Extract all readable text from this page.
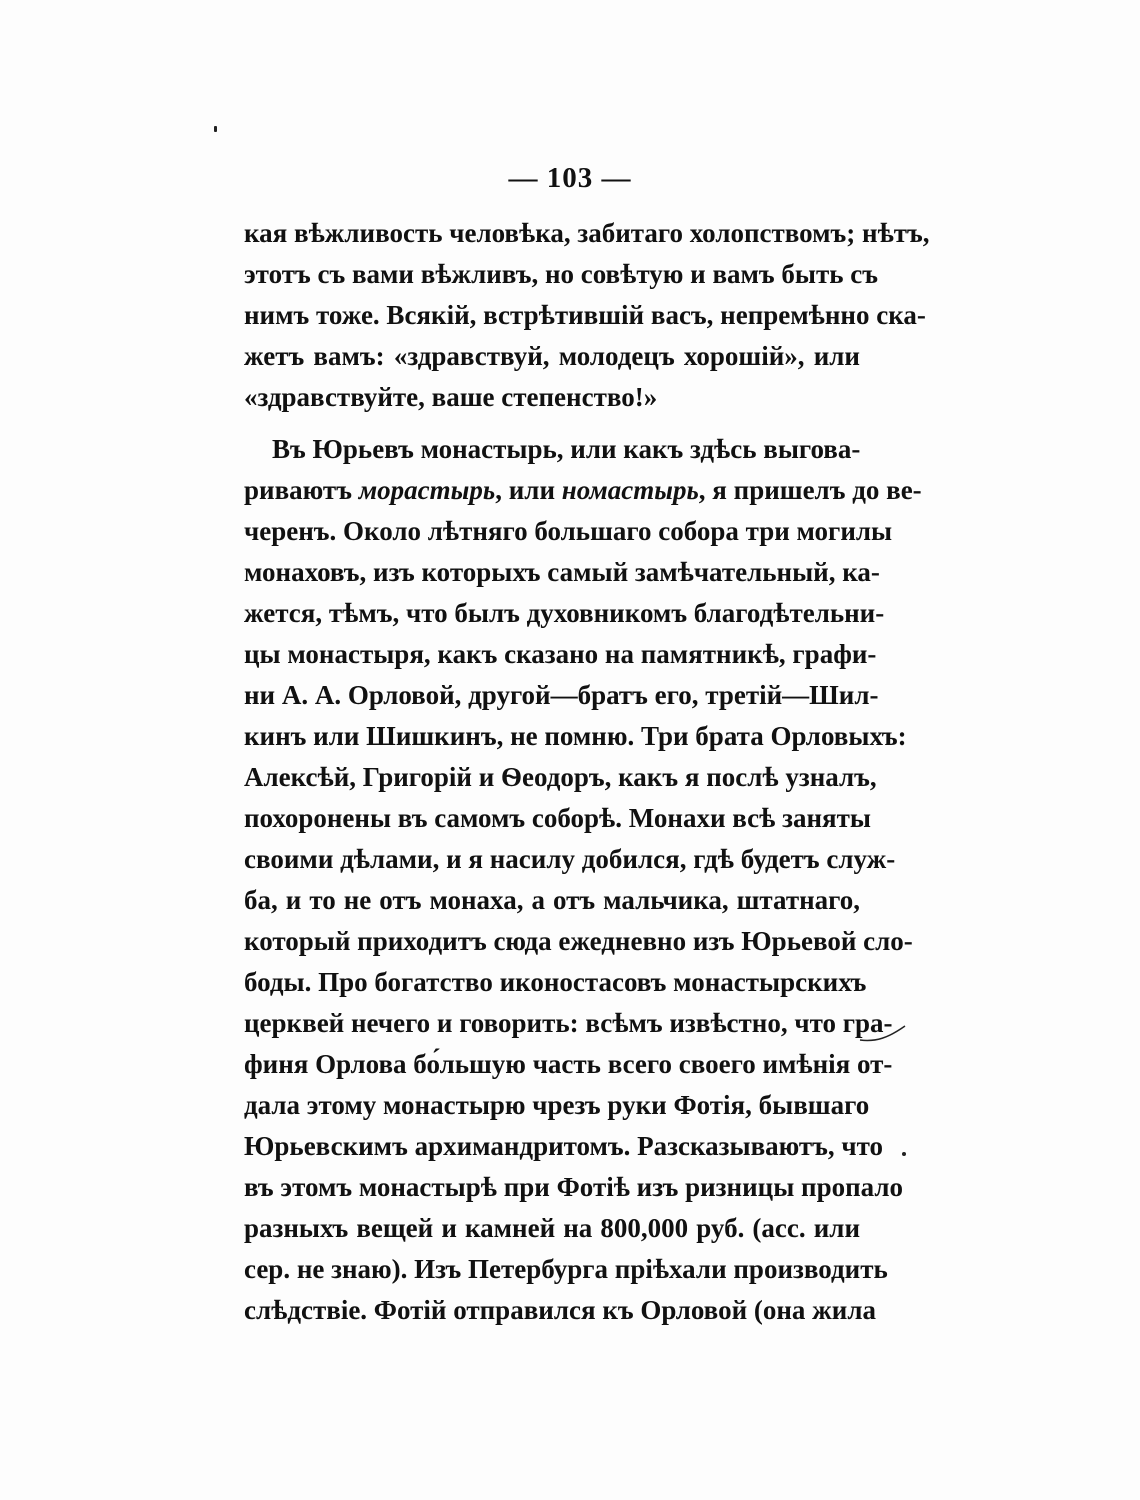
— 103 —
кая вѣжливость человѣка, забитаго холопствомъ; нѣтъ,
этотъ съ вами вѣжливъ, но совѣтую и вамъ быть съ
нимъ тоже. Всякій, встрѣтившій васъ, непремѣнно ска-
жетъ вамъ: «здравствуй, молодецъ хорошій», или
«здравствуйте, ваше степенство!»
Въ Юрьевъ монастырь, или какъ здѣсь выгова-
риваютъ морастырь, или номастырь, я пришелъ до ве-
черенъ. Около лѣтняго большаго собора три могилы
монаховъ, изъ которыхъ самый замѣчательный, ка-
жется, тѣмъ, что былъ духовникомъ благодѣтельни-
цы монастыря, какъ сказано на памятникѣ, графи-
ни А. А. Орловой, другой—братъ его, третій—Шил-
кинъ или Шишкинъ, не помню. Три брата Орловыхъ:
Алексѣй, Григорій и Ѳеодоръ, какъ я послѣ узналъ,
похоронены въ самомъ соборѣ. Монахи всѣ заняты
своими дѣлами, и я насилу добился, гдѣ будетъ служ-
ба, и то не отъ монаха, а отъ мальчика, штатнаго,
который приходитъ сюда ежедневно изъ Юрьевой сло-
боды. Про богатство иконостасовъ монастырскихъ
церквей нечего и говорить: всѣмъ извѣстно, что гра-
финя Орлова бо́льшую часть всего своего имѣнія от-
дала этому монастырю чрезъ руки Фотія, бывшаго
Юрьевскимъ архимандритомъ. Разсказываютъ, что
въ этомъ монастырѣ при Фотіѣ изъ ризницы пропало
разныхъ вещей и камней на 800,000 руб. (асс. или
сер. не знаю). Изъ Петербурга пріѣхали производить
слѣдствіе. Фотій отправился къ Орловой (она жила
